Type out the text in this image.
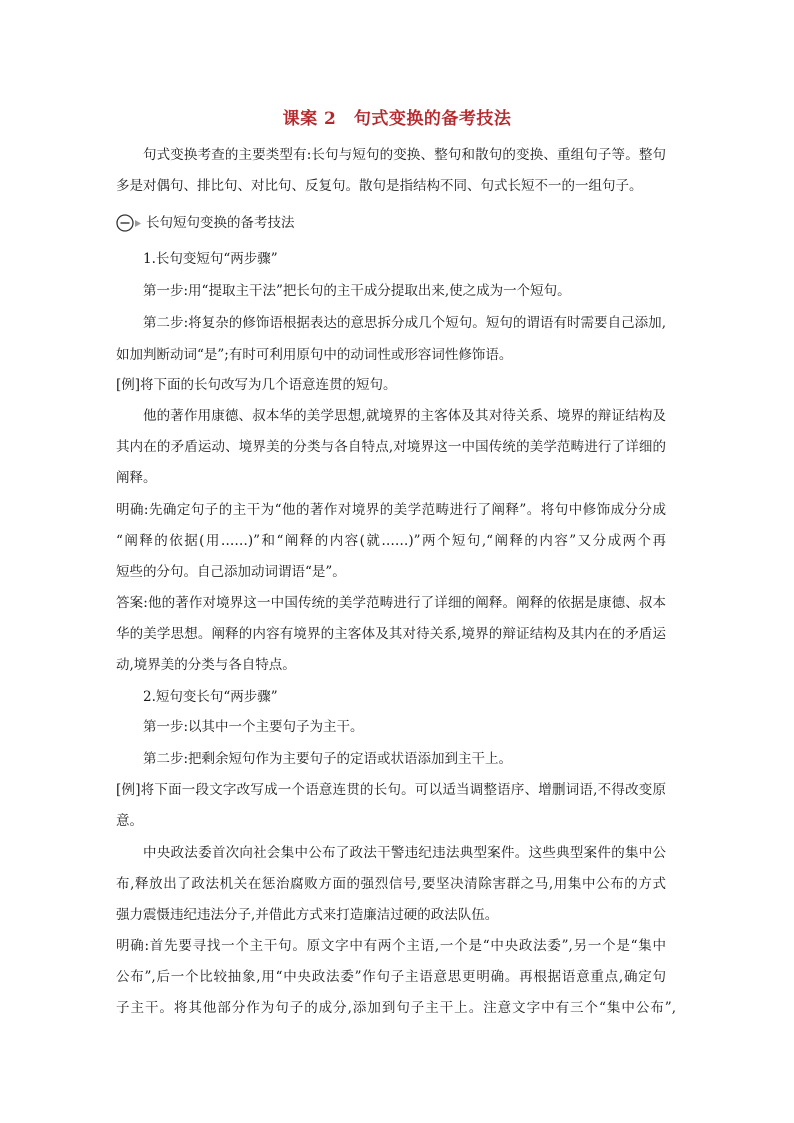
课案 2　句式变换的备考技法
句式变换考查的主要类型有:长句与短句的变换、整句和散句的变换、重组句子等。整句
多是对偶句、排比句、对比句、反复句。散句是指结构不同、句式长短不一的一组句子。
长句短句变换的备考技法
1.长句变短句“两步骤”
第一步:用“提取主干法”把长句的主干成分提取出来,使之成为一个短句。
第二步:将复杂的修饰语根据表达的意思拆分成几个短句。短句的谓语有时需要自己添加,
如加判断动词“是”;有时可利用原句中的动词性或形容词性修饰语。
[例]将下面的长句改写为几个语意连贯的短句。
他的著作用康德、叔本华的美学思想,就境界的主客体及其对待关系、境界的辩证结构及
其内在的矛盾运动、境界美的分类与各自特点,对境界这一中国传统的美学范畴进行了详细的
阐释。
明确:先确定句子的主干为“他的著作对境界的美学范畴进行了阐释”。将句中修饰成分分成
“阐释的依据(用……)”和“阐释的内容(就……)”两个短句,“阐释的内容”又分成两个再
短些的分句。自己添加动词谓语“是”。
答案:他的著作对境界这一中国传统的美学范畴进行了详细的阐释。阐释的依据是康德、叔本
华的美学思想。阐释的内容有境界的主客体及其对待关系,境界的辩证结构及其内在的矛盾运
动,境界美的分类与各自特点。
2.短句变长句“两步骤”
第一步:以其中一个主要句子为主干。
第二步:把剩余短句作为主要句子的定语或状语添加到主干上。
[例]将下面一段文字改写成一个语意连贯的长句。可以适当调整语序、增删词语,不得改变原
意。
中央政法委首次向社会集中公布了政法干警违纪违法典型案件。这些典型案件的集中公
布,释放出了政法机关在惩治腐败方面的强烈信号,要坚决清除害群之马,用集中公布的方式
强力震慑违纪违法分子,并借此方式来打造廉洁过硬的政法队伍。
明确:首先要寻找一个主干句。原文字中有两个主语,一个是“中央政法委”,另一个是“集中
公布”,后一个比较抽象,用“中央政法委”作句子主语意思更明确。再根据语意重点,确定句
子主干。将其他部分作为句子的成分,添加到句子主干上。注意文字中有三个“集中公布”,
